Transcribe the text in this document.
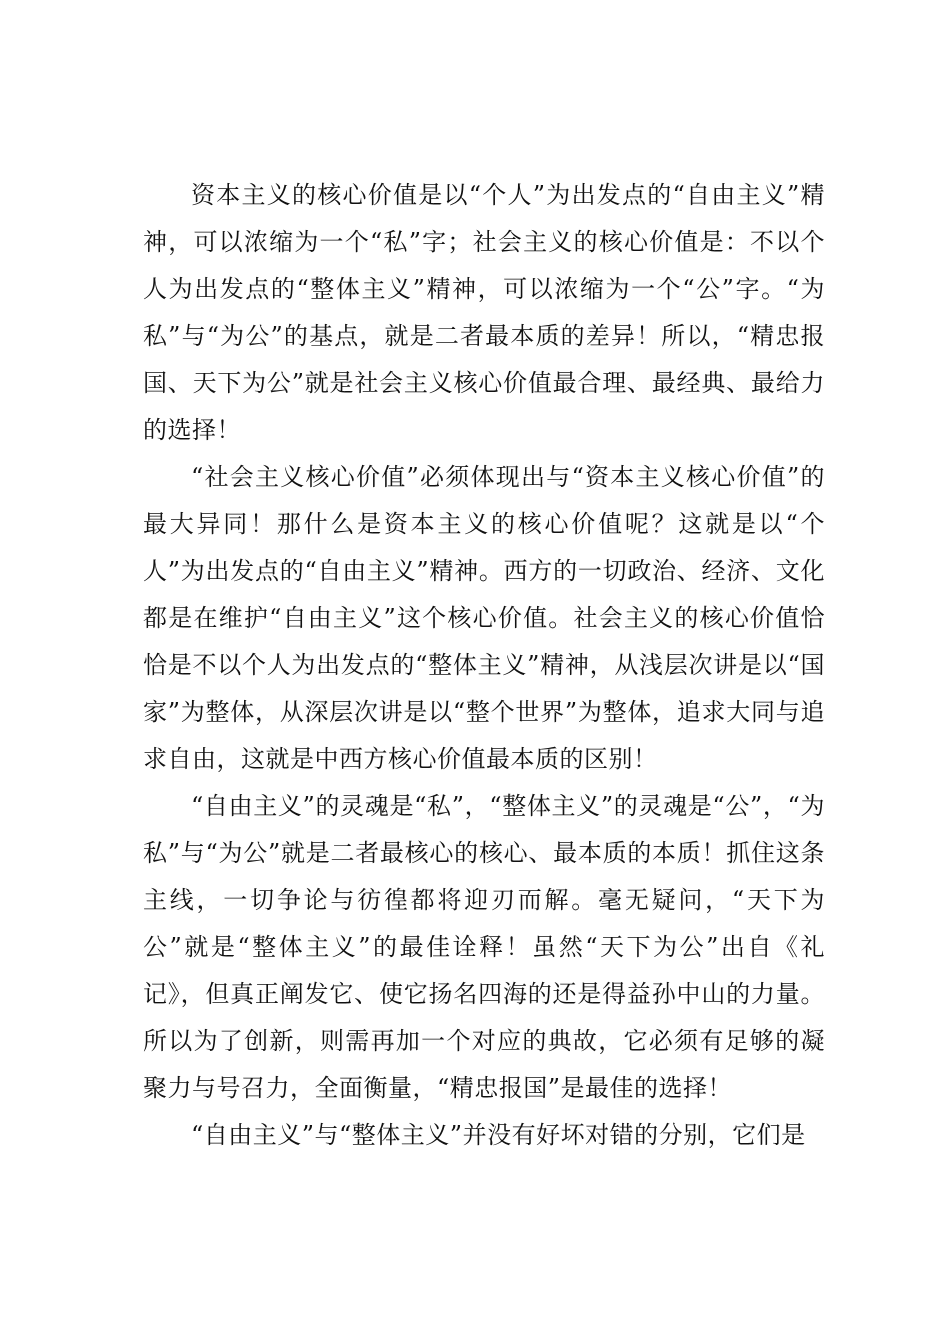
资本主义的核心价值是以“个人”为出发点的“自由主义”精神，可以浓缩为一个“私”字；社会主义的核心价值是：不以个人为出发点的“整体主义”精神，可以浓缩为一个“公”字。“为私”与“为公”的基点，就是二者最本质的差异！所以，“精忠报国、天下为公”就是社会主义核心价值最合理、最经典、最给力的选择！

“社会主义核心价值”必须体现出与“资本主义核心价值”的最大异同！那什么是资本主义的核心价值呢？这就是以“个人”为出发点的“自由主义”精神。西方的一切政治、经济、文化都是在维护“自由主义”这个核心价值。社会主义的核心价值恰恰是不以个人为出发点的“整体主义”精神，从浅层次讲是以“国家”为整体，从深层次讲是以“整个世界”为整体，追求大同与追求自由，这就是中西方核心价值最本质的区别！

“自由主义”的灵魂是“私”，“整体主义”的灵魂是“公”，“为私”与“为公”就是二者最核心的核心、最本质的本质！抓住这条主线，一切争论与彷徨都将迎刃而解。毫无疑问，“天下为公”就是“整体主义”的最佳诠释！虽然“天下为公”出自《礼记》，但真正阐发它、使它扬名四海的还是得益孙中山的力量。所以为了创新，则需再加一个对应的典故，它必须有足够的凝聚力与号召力，全面衡量，“精忠报国”是最佳的选择！

“自由主义”与“整体主义”并没有好坏对错的分别，它们是
